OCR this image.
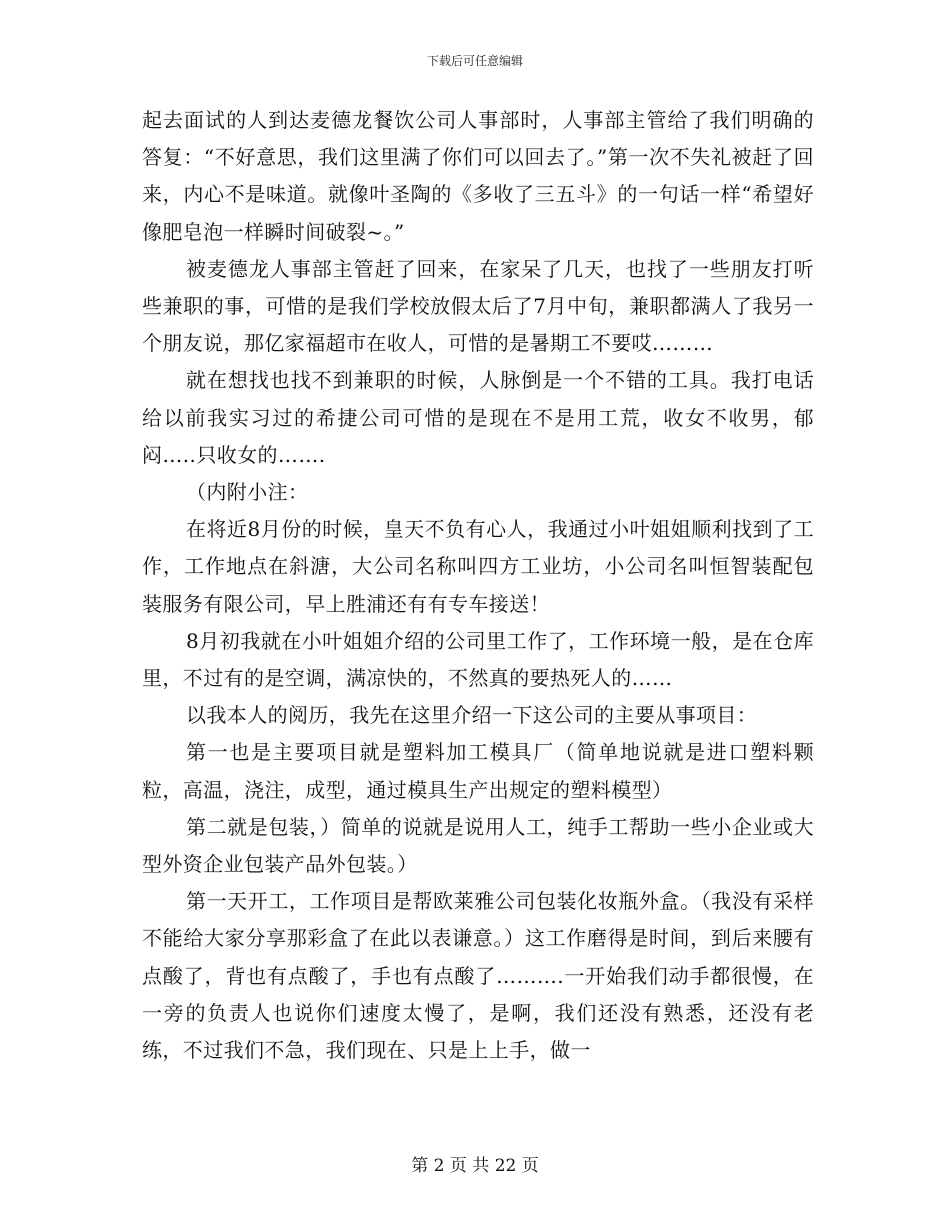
下载后可任意编辑

起去面试的人到达麦德龙餐饮公司人事部时，人事部主管给了我们明确的答复：“不好意思，我们这里满了你们可以回去了。”第一次不失礼被赶了回来，内心不是味道。就像叶圣陶的《多收了三五斗》的一句话一样“希望好像肥皂泡一样瞬时间破裂~。”

被麦德龙人事部主管赶了回来，在家呆了几天，也找了一些朋友打听些兼职的事，可惜的是我们学校放假太后了7月中旬，兼职都满人了我另一个朋友说，那亿家福超市在收人，可惜的是暑期工不要哎………

就在想找也找不到兼职的时候，人脉倒是一个不错的工具。我打电话给以前我实习过的希捷公司可惜的是现在不是用工荒，收女不收男，郁闷…..只收女的…….

（内附小注：

在将近8月份的时候，皇天不负有心人，我通过小叶姐姐顺利找到了工作，工作地点在斜溏，大公司名称叫四方工业坊，小公司名叫恒智装配包装服务有限公司，早上胜浦还有有专车接送！

8月初我就在小叶姐姐介绍的公司里工作了，工作环境一般，是在仓库里，不过有的是空调，满凉快的，不然真的要热死人的……

以我本人的阅历，我先在这里介绍一下这公司的主要从事项目：

第一也是主要项目就是塑料加工模具厂（简单地说就是进口塑料颗粒，高温，浇注，成型，通过模具生产出规定的塑料模型）

第二就是包装，）简单的说就是说用人工，纯手工帮助一些小企业或大型外资企业包装产品外包装。）

第一天开工，工作项目是帮欧莱雅公司包装化妆瓶外盒。（我没有采样不能给大家分享那彩盒了在此以表谦意。）这工作磨得是时间，到后来腰有点酸了，背也有点酸了，手也有点酸了……….一开始我们动手都很慢，在一旁的负责人也说你们速度太慢了，是啊，我们还没有熟悉，还没有老练，不过我们不急，我们现在、只是上上手，做一

第 2 页 共 22 页
